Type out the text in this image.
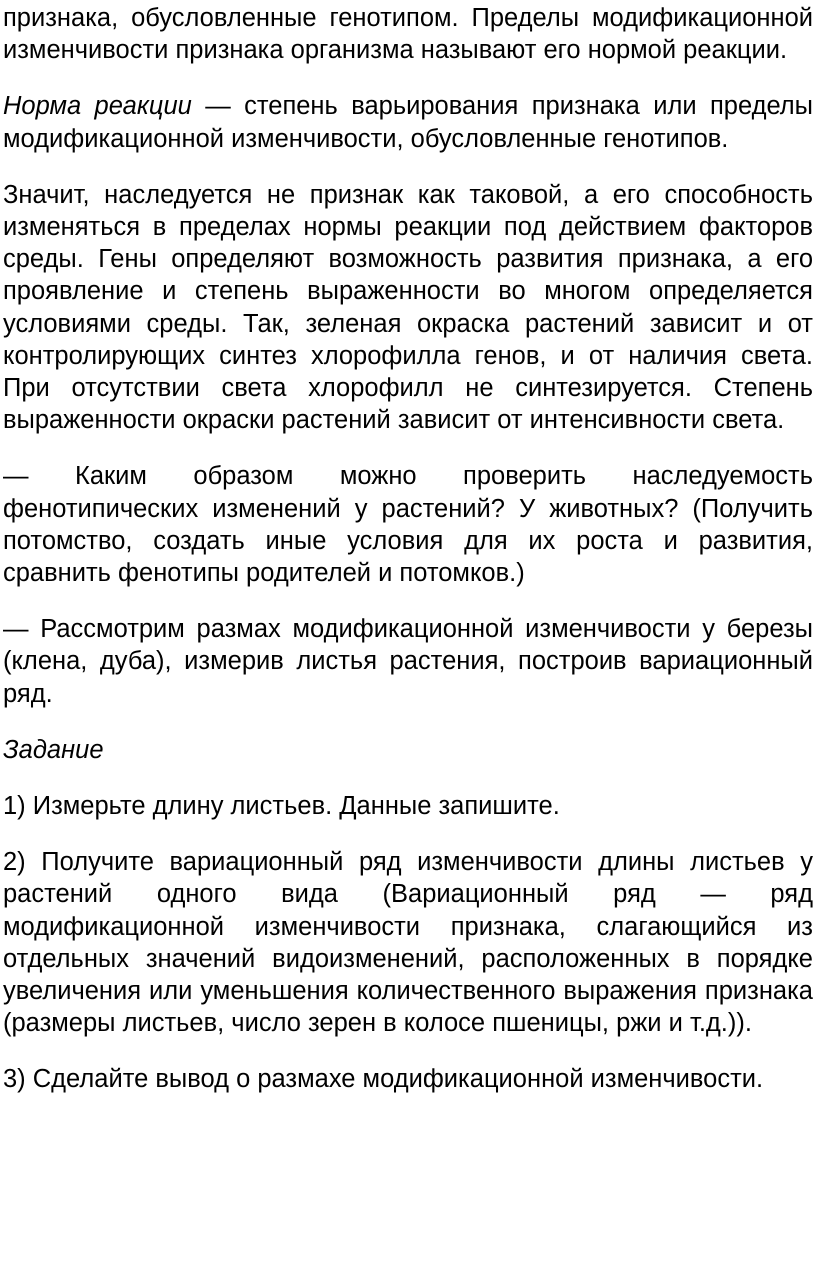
признака, обусловленные генотипом. Пределы модификационной изменчивости признака организма называют его нормой реакции.

Норма реакции — степень варьирования признака или пределы модификационной изменчивости, обусловленные генотипов.

Значит, наследуется не признак как таковой, а его способность изменяться в пределах нормы реакции под действием факторов среды. Гены определяют возможность развития признака, а его проявление и степень выраженности во многом определяется условиями среды. Так, зеленая окраска растений зависит и от контролирующих синтез хлорофилла генов, и от наличия света. При отсутствии света хлорофилл не синтезируется. Степень выраженности окраски растений зависит от интенсивности света.

— Каким образом можно проверить наследуемость фенотипических изменений у растений? У животных? (Получить потомство, создать иные условия для их роста и развития, сравнить фенотипы родителей и потомков.)

— Рассмотрим размах модификационной изменчивости у березы (клена, дуба), измерив листья растения, построив вариационный ряд.

Задание

1) Измерьте длину листьев. Данные запишите.

2) Получите вариационный ряд изменчивости длины листьев у растений одного вида (Вариационный ряд — ряд модификационной изменчивости признака, слагающийся из отдельных значений видоизменений, расположенных в порядке увеличения или уменьшения количественного выражения признака (размеры листьев, число зерен в колосе пшеницы, ржи и т.д.)).

3) Сделайте вывод о размахе модификационной изменчивости.
